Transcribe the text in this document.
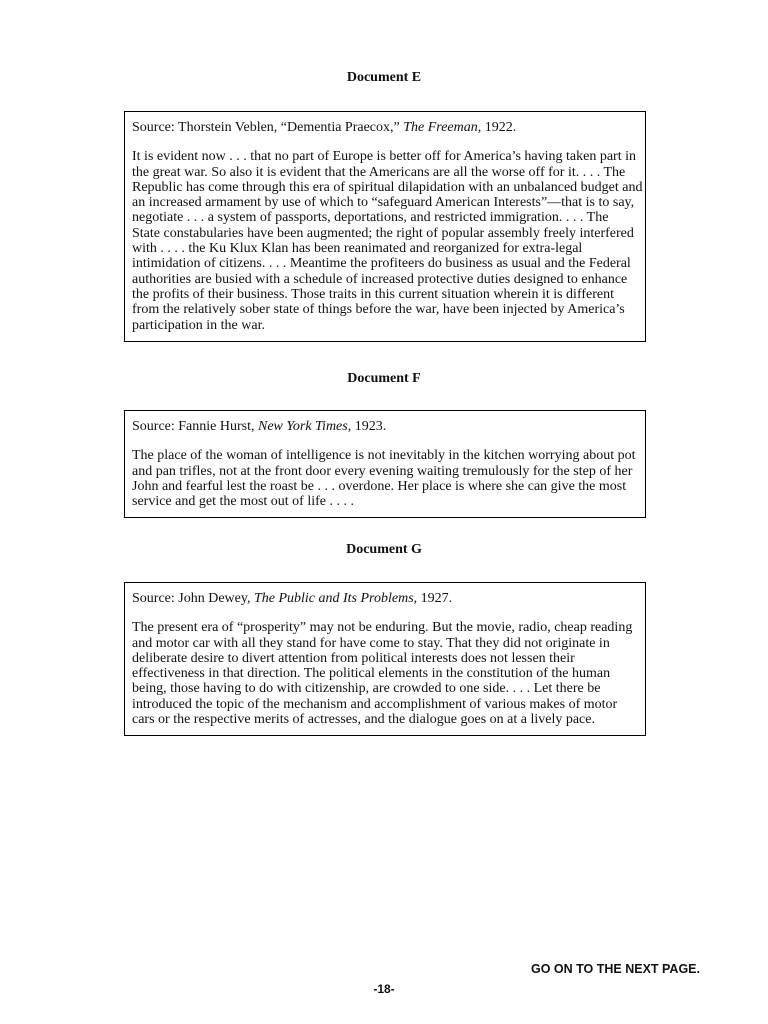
Document E

Source: Thorstein Veblen, “Dementia Praecox,” The Freeman, 1922.

It is evident now . . . that no part of Europe is better off for America’s having taken part in
the great war. So also it is evident that the Americans are all the worse off for it. . . . The
Republic has come through this era of spiritual dilapidation with an unbalanced budget and
an increased armament by use of which to “safeguard American Interests”—that is to say,
negotiate . . . a system of passports, deportations, and restricted immigration. . . . The
State constabularies have been augmented; the right of popular assembly freely interfered
with . . . . the Ku Klux Klan has been reanimated and reorganized for extra-legal
intimidation of citizens. . . . Meantime the profiteers do business as usual and the Federal
authorities are busied with a schedule of increased protective duties designed to enhance
the profits of their business. Those traits in this current situation wherein it is different
from the relatively sober state of things before the war, have been injected by America’s
participation in the war.

Document F

Source: Fannie Hurst, New York Times, 1923.

The place of the woman of intelligence is not inevitably in the kitchen worrying about pot
and pan trifles, not at the front door every evening waiting tremulously for the step of her
John and fearful lest the roast be . . . overdone. Her place is where she can give the most
service and get the most out of life . . . .

Document G

Source: John Dewey, The Public and Its Problems, 1927.

The present era of “prosperity” may not be enduring. But the movie, radio, cheap reading
and motor car with all they stand for have come to stay. That they did not originate in
deliberate desire to divert attention from political interests does not lessen their
effectiveness in that direction. The political elements in the constitution of the human
being, those having to do with citizenship, are crowded to one side. . . . Let there be
introduced the topic of the mechanism and accomplishment of various makes of motor
cars or the respective merits of actresses, and the dialogue goes on at a lively pace.

GO ON TO THE NEXT PAGE.
-18-
